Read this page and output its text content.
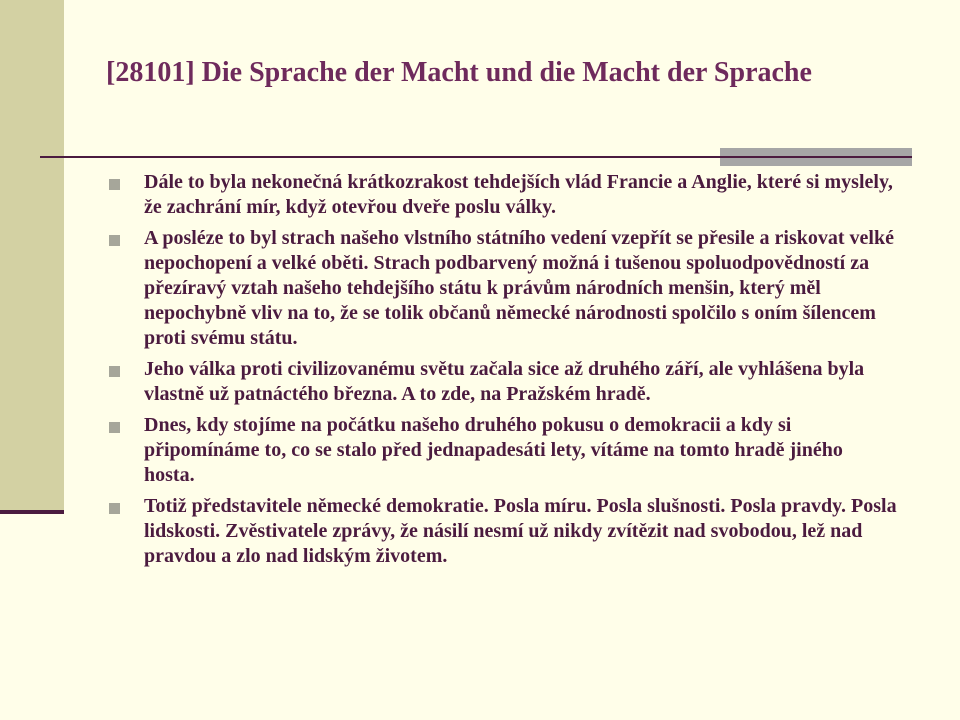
[28101] Die Sprache der Macht und die Macht der Sprache
Dále to byla nekonečná krátkozrakost tehdejších vlád Francie a Anglie, které si myslely, že zachrání mír, když otevřou dveře poslu války.
A posléze to byl strach našeho vlstního státního vedení vzepřít se přesile a riskovat velké nepochopení a velké oběti. Strach podbarvený možná i tušenou spoluodpovědností za přezíravý vztah našeho tehdejšího státu k právům národních menšin, který měl nepochybně vliv na to, že se tolik občanů německé národnosti spolčilo s oním šílencem proti svému státu.
Jeho válka proti civilizovanému světu začala sice až druhého září, ale vyhlášena byla vlastně už patnáctého března. A to zde, na Pražském hradě.
Dnes, kdy stojíme na počátku našeho druhého pokusu o demokracii a kdy si připomínáme to, co se stalo před jednapadesáti lety, vítáme na tomto hradě jiného hosta.
Totiž představitele německé demokratie. Posla míru. Posla slušnosti. Posla pravdy. Posla lidskosti. Zvěstivatele zprávy, že násilí nesmí už nikdy zvítězit nad svobodou, lež nad pravdou a zlo nad lidským životem.
